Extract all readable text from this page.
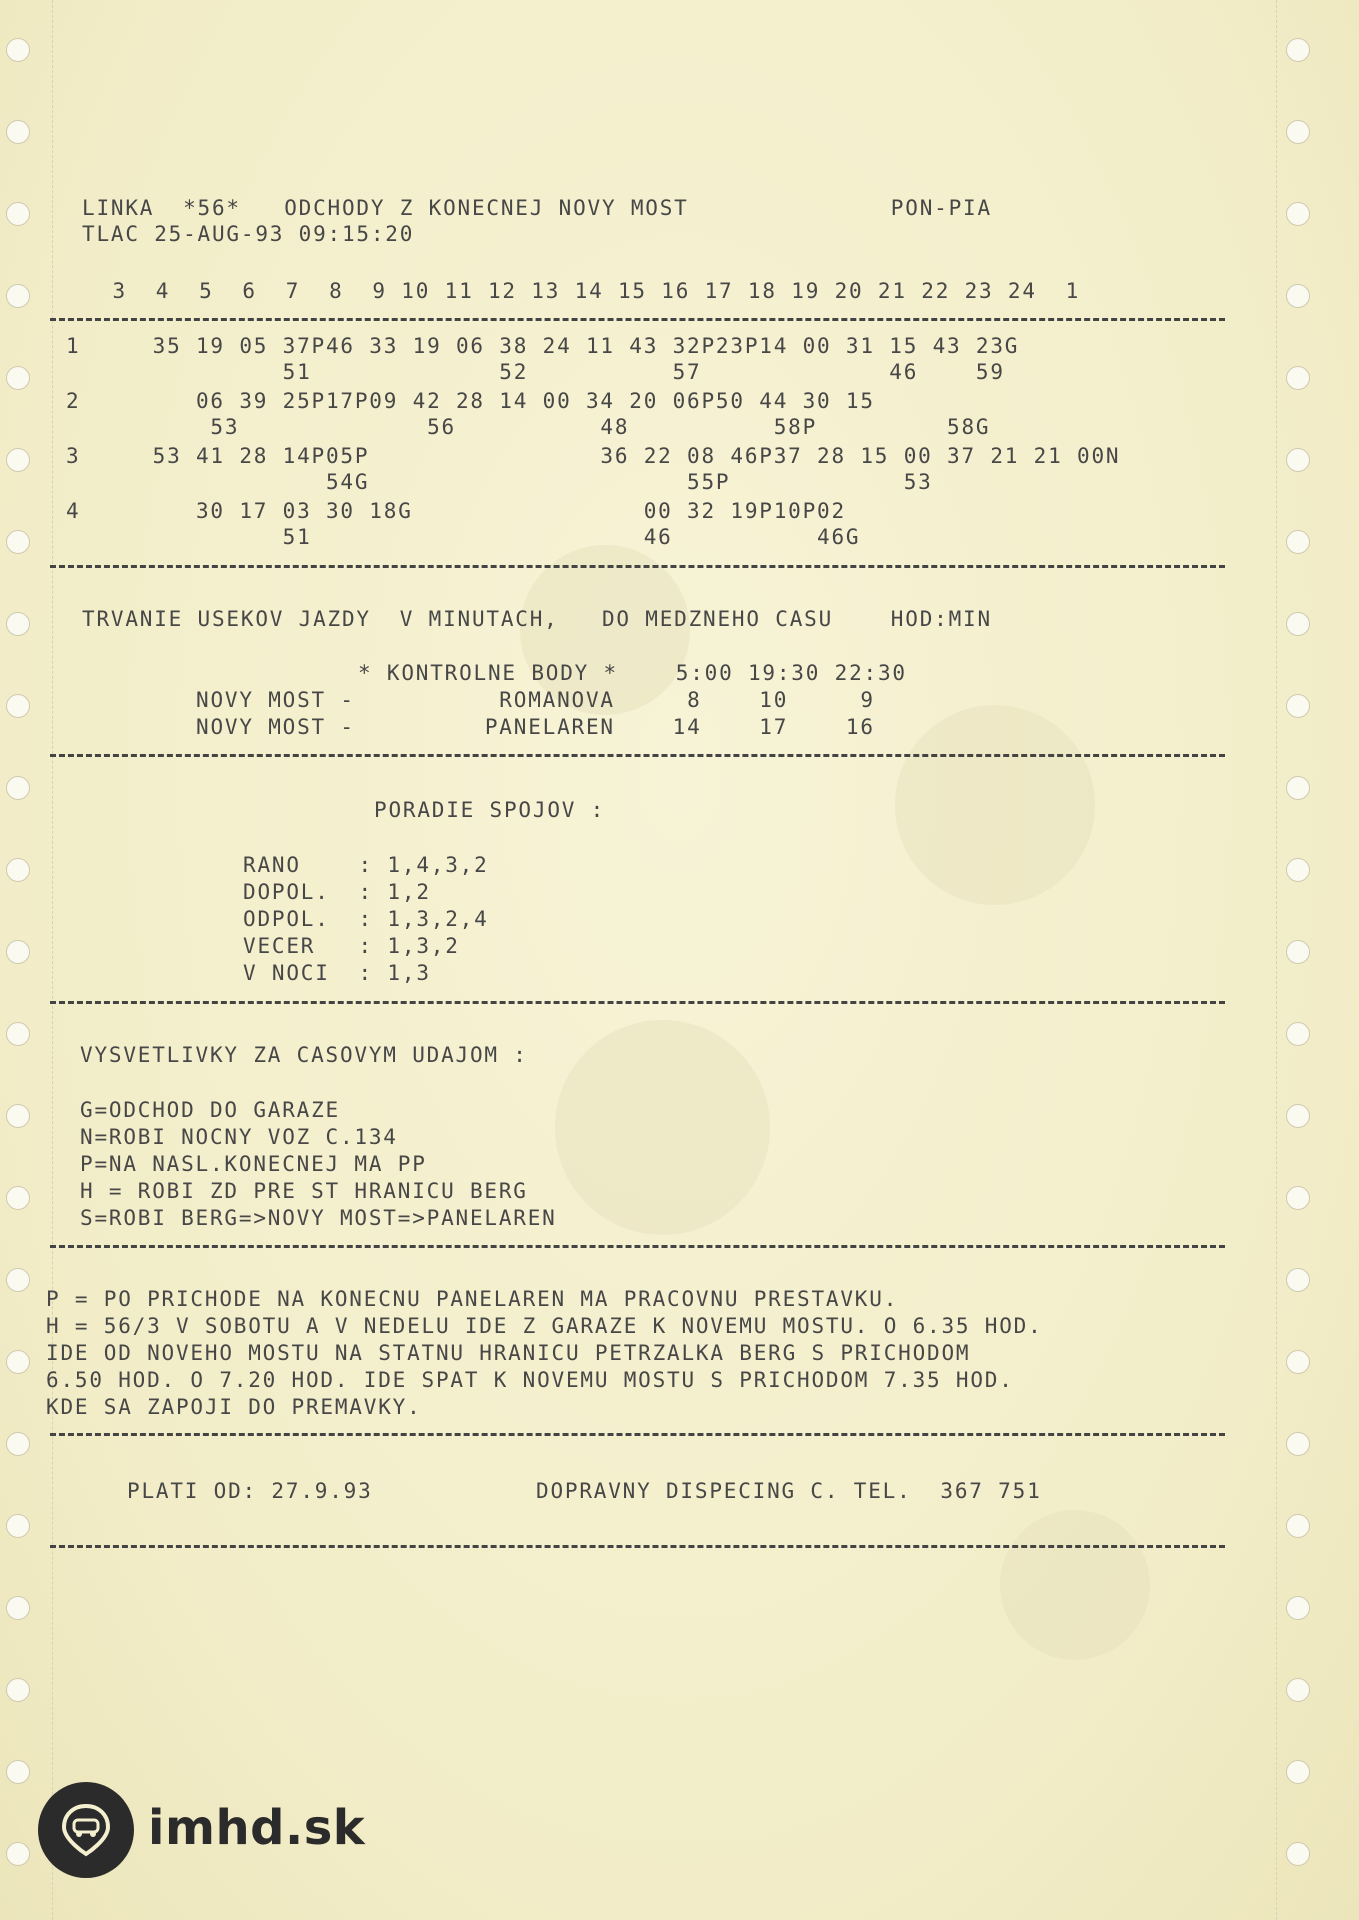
LINKA  *56*   ODCHODY Z KONECNEJ NOVY MOST              PON-PIA
TLAC 25-AUG-93 09:15:20
3  4  5  6  7  8  9 10 11 12 13 14 15 16 17 18 19 20 21 22 23 24  1
1     35 19 05 37P46 33 19 06 38 24 11 43 32P23P14 00 31 15 43 23G
51             52          57             46    59
2        06 39 25P17P09 42 28 14 00 34 20 06P50 44 30 15
53             56          48          58P         58G
3     53 41 28 14P05P                36 22 08 46P37 28 15 00 37 21 21 00N
54G                      55P            53
4        30 17 03 30 18G                00 32 19P10P02
51                       46          46G
TRVANIE USEKOV JAZDY  V MINUTACH,   DO MEDZNEHO CASU    HOD:MIN
* KONTROLNE BODY *    5:00 19:30 22:30
NOVY MOST -          ROMANOVA     8    10     9
NOVY MOST -         PANELAREN    14    17    16
PORADIE SPOJOV :
RANO    : 1,4,3,2
DOPOL.  : 1,2
ODPOL.  : 1,3,2,4
VECER   : 1,3,2
V NOCI  : 1,3
VYSVETLIVKY ZA CASOVYM UDAJOM :
G=ODCHOD DO GARAZE
N=ROBI NOCNY VOZ C.134
P=NA NASL.KONECNEJ MA PP
H = ROBI ZD PRE ST HRANICU BERG
S=ROBI BERG=>NOVY MOST=>PANELAREN
P = PO PRICHODE NA KONECNU PANELAREN MA PRACOVNU PRESTAVKU.
H = 56/3 V SOBOTU A V NEDELU IDE Z GARAZE K NOVEMU MOSTU. O 6.35 HOD.
IDE OD NOVEHO MOSTU NA STATNU HRANICU PETRZALKA BERG S PRICHODOM
6.50 HOD. O 7.20 HOD. IDE SPAT K NOVEMU MOSTU S PRICHODOM 7.35 HOD.
KDE SA ZAPOJI DO PREMAVKY.
PLATI OD: 27.9.93	DOPRAVNY DISPECING C. TEL.  367 751
imhd.sk
